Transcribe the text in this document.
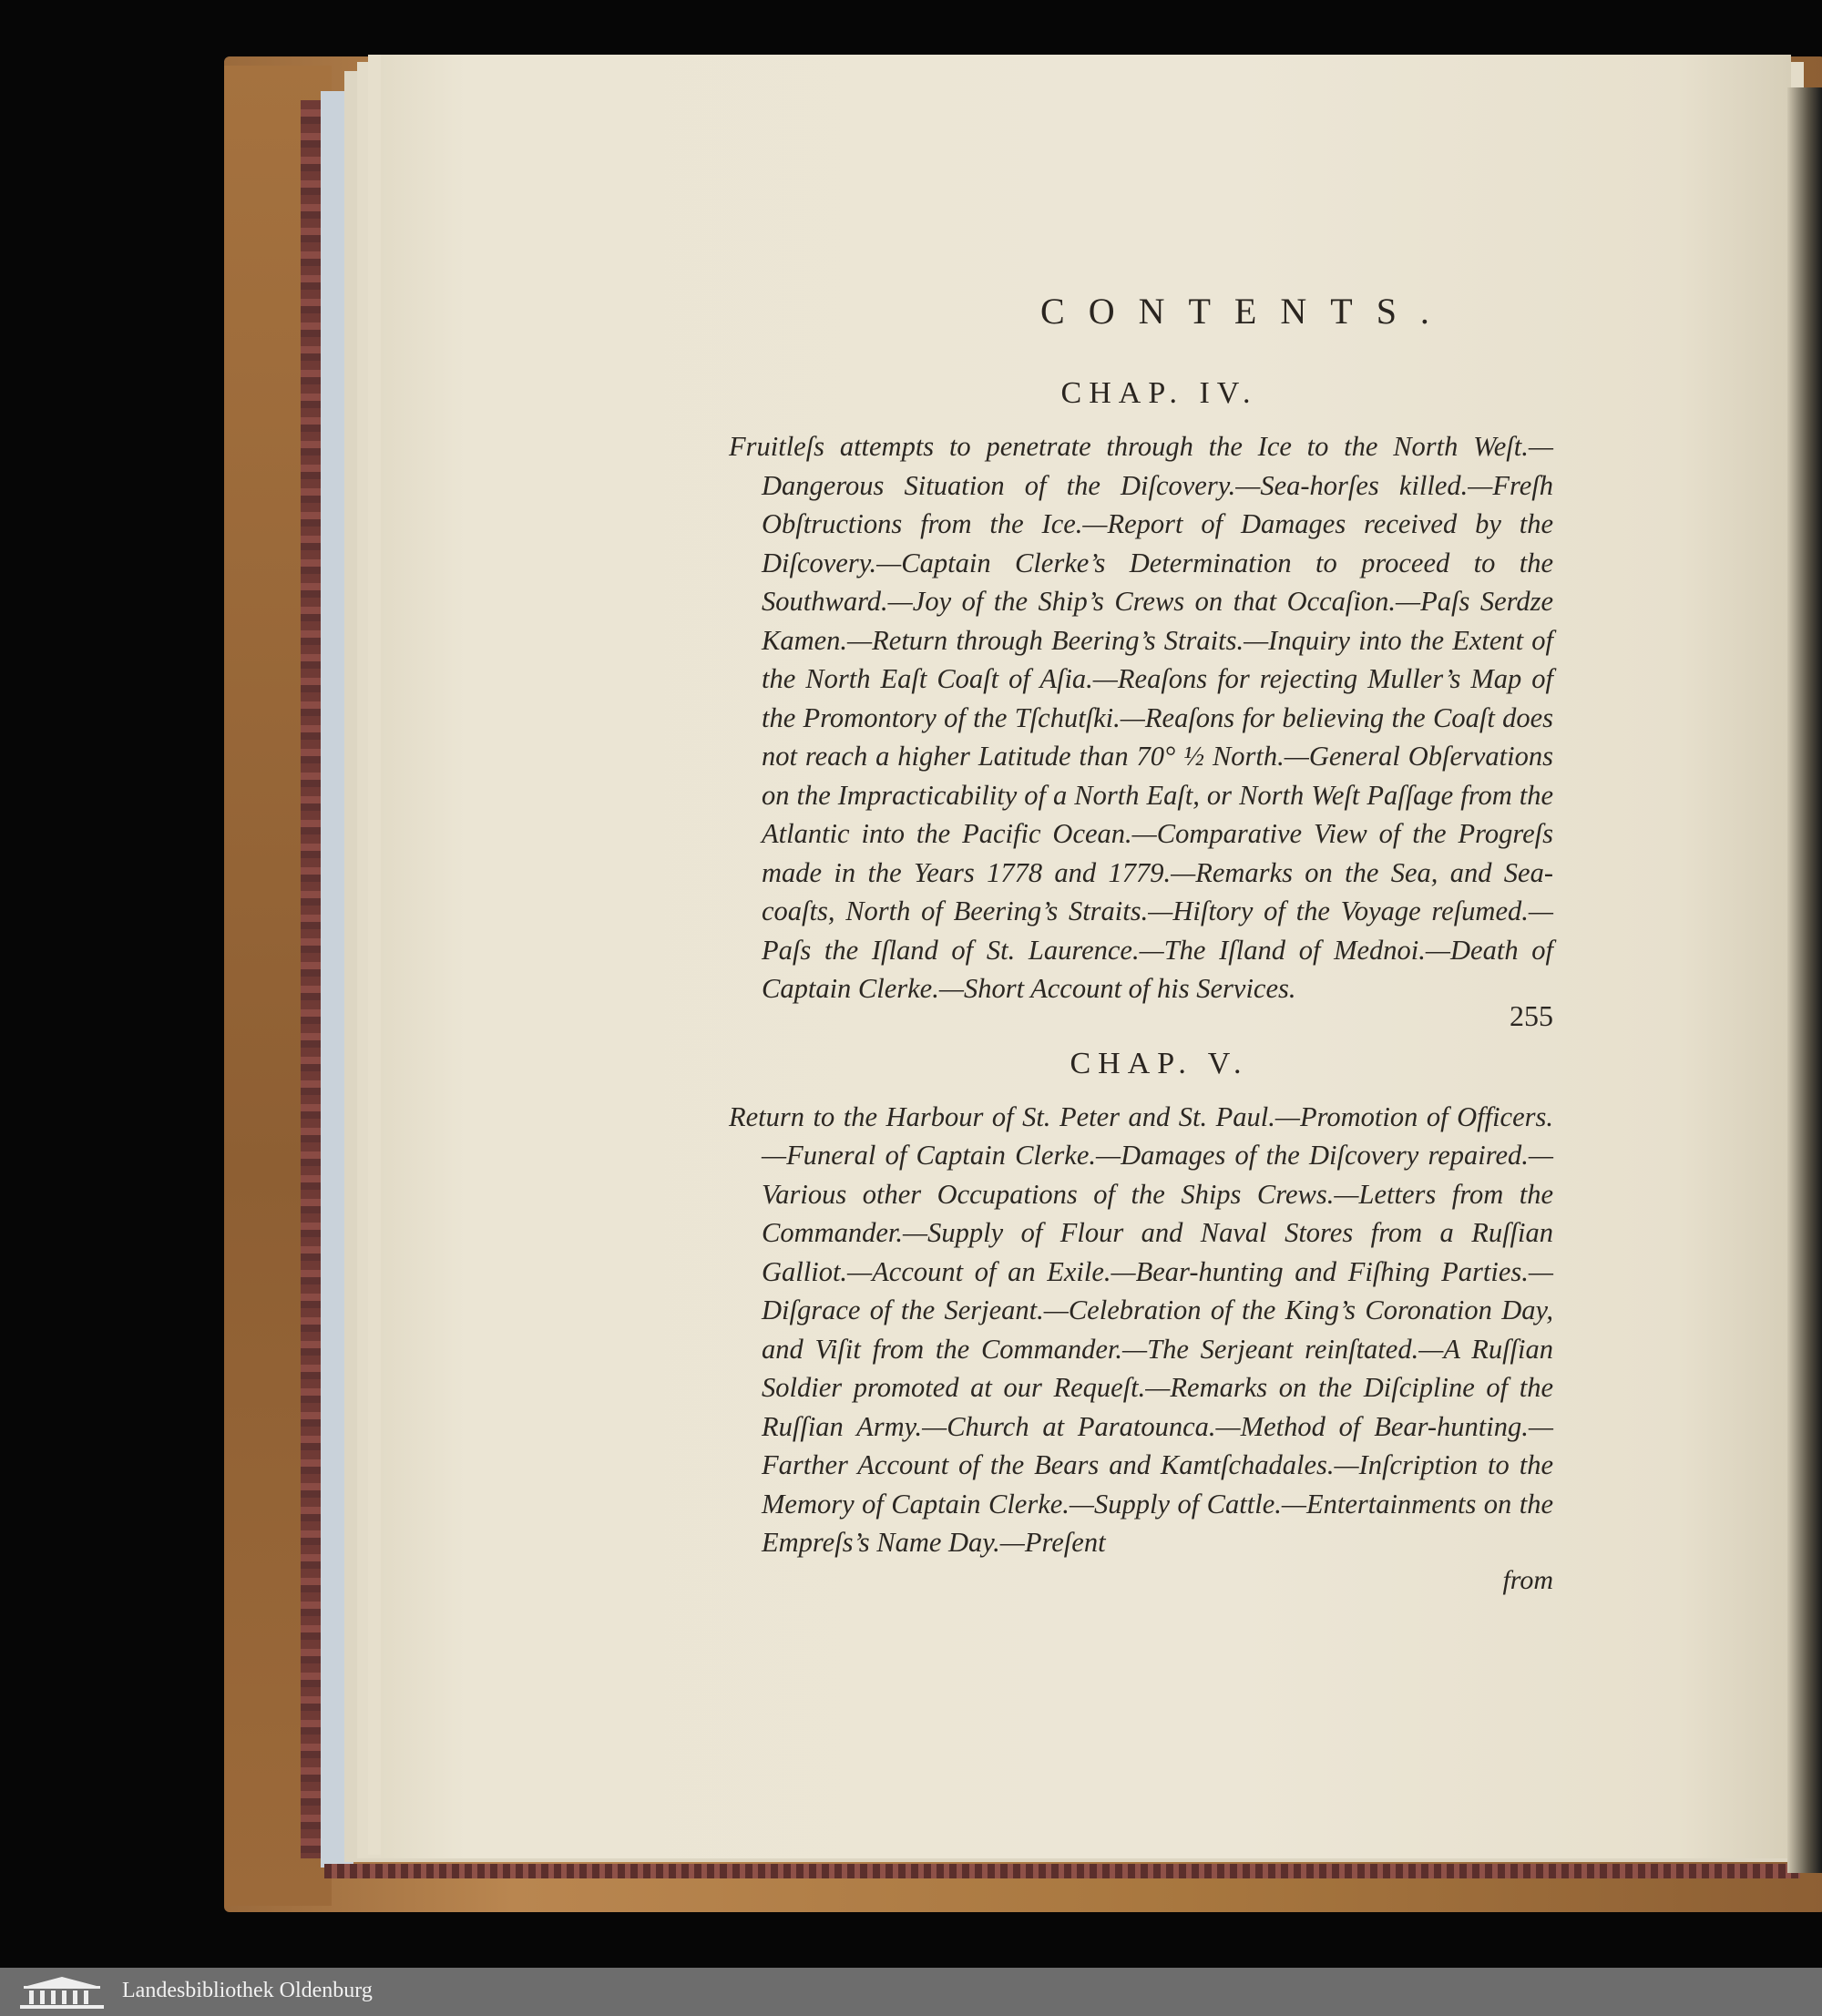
CONTENTS.
CHAP. IV.

Fruitleſs attempts to penetrate through the Ice to the North Weſt.—Dangerous Situation of the Diſcovery.—Sea-horſes killed.—Freſh Obſtructions from the Ice.—Report of Damages received by the Diſcovery.—Captain Clerke’s Determination to proceed to the Southward.—Joy of the Ship’s Crews on that Occaſion.—Paſs Serdze Kamen.—Return through Beering’s Straits.—Inquiry into the Extent of the North Eaſt Coaſt of Aſia.—Reaſons for rejecting Muller’s Map of the Promontory of the Tſchutſki.—Reaſons for believing the Coaſt does not reach a higher Latitude than 70° ½ North.—General Obſervations on the Impracticability of a North Eaſt, or North Weſt Paſſage from the Atlantic into the Pacific Ocean.—Comparative View of the Progreſs made in the Years 1778 and 1779.—Remarks on the Sea, and Sea-coaſts, North of Beering’s Straits.—Hiſtory of the Voyage reſumed.—Paſs the Iſland of St. Laurence.—The Iſland of Mednoi.—Death of Captain Clerke.—Short Account of his Services.

255

CHAP. V.

Return to the Harbour of St. Peter and St. Paul.—Promotion of Officers.—Funeral of Captain Clerke.—Damages of the Diſcovery repaired.—Various other Occupations of the Ships Crews.—Letters from the Commander.—Supply of Flour and Naval Stores from a Ruſſian Galliot.—Account of an Exile.—Bear-hunting and Fiſhing Parties.—Diſgrace of the Serjeant.—Celebration of the King’s Coronation Day, and Viſit from the Commander.—The Serjeant reinſtated.—A Ruſſian Soldier promoted at our Requeſt.—Remarks on the Diſcipline of the Ruſſian Army.—Church at Paratounca.—Method of Bear-hunting.—Farther Account of the Bears and Kamtſchadales.—Inſcription to the Memory of Captain Clerke.—Supply of Cattle.—Entertainments on the Empreſs’s Name Day.—Preſent

from

Landesbibliothek Oldenburg
